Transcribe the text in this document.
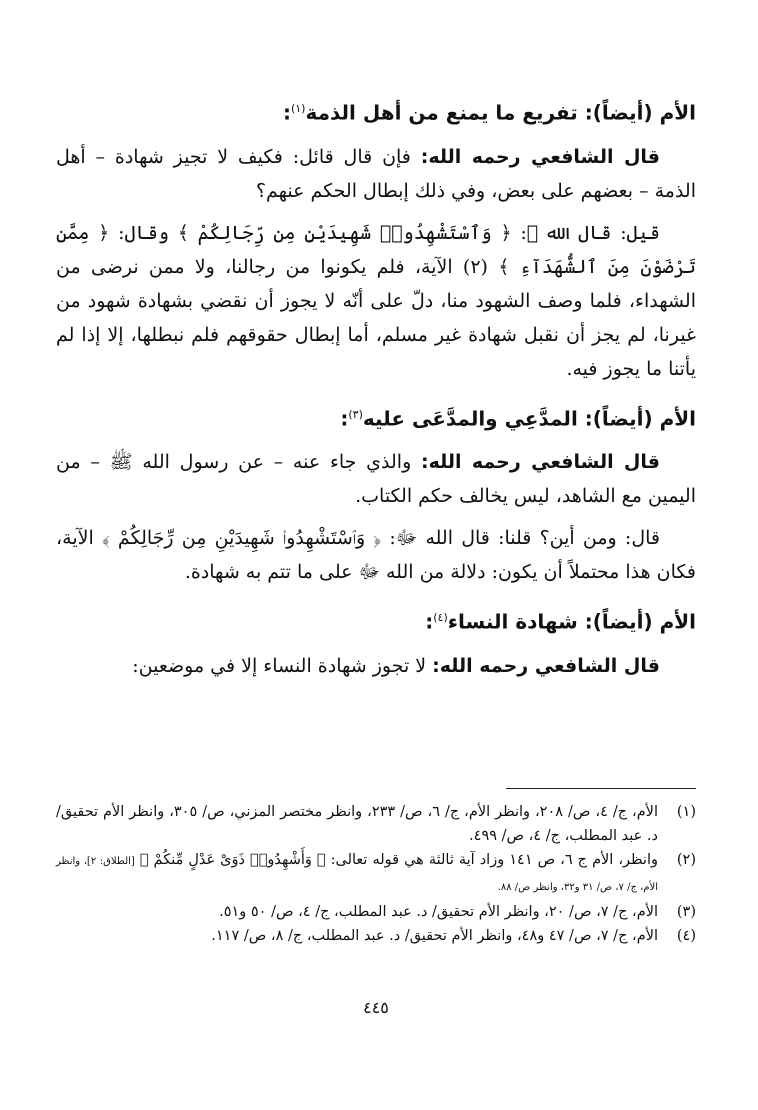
الأم (أيضاً): تفريع ما يمنع من أهل الذمة$^{(١)}$:

قال الشافعي رحمه الله: فإن قال قائل: فكيف لا تجيز شهادة – أهل الذمة – بعضهم على بعض، وفي ذلك إبطال الحكم عنهم؟

قيل: قال الله ﷻ: ﴿ وَٱسْتَشْهِدُوا۟ شَهِيدَيْنِ مِن رِّجَالِكُمْ ﴾ وقال: ﴿ مِمَّن تَرْضَوْنَ مِنَ ٱلشُّهَدَآءِ ﴾ (٢) الآية، فلم يكونوا من رجالنا، ولا ممن نرضى من الشهداء، فلما وصف الشهود منا، دلّ على أنّه لا يجوز أن نقضي بشهادة شهود من غيرنا، لم يجز أن نقبل شهادة غير مسلم، أما إبطال حقوقهم فلم نبطلها، إلا إذا لم يأتنا ما يجوز فيه.

الأم (أيضاً): المدَّعِي والمدَّعَى عليه$^{(٣)}$:

قال الشافعي رحمه الله: والذي جاء عنه – عن رسول الله ﷺ – من اليمين مع الشاهد، ليس يخالف حكم الكتاب.

قال: ومن أين؟ قلنا: قال الله ﷻ: ﴿ وَٱسْتَشْهِدُوا۟ شَهِيدَيْنِ مِن رِّجَالِكُمْ ﴾ الآية، فكان هذا محتملاً أن يكون: دلالة من الله ﷻ على ما تتم به شهادة.

الأم (أيضاً): شهادة النساء$^{(٤)}$:

قال الشافعي رحمه الله: لا تجوز شهادة النساء إلا في موضعين:

(١)
الأم، ج/ ٤، ص/ ٢٠٨، وانظر الأم، ج/ ٦، ص/ ٢٣٣، وانظر مختصر المزني، ص/ ٣٠٥، وانظر الأم تحقيق/ د. عبد المطلب، ج/ ٤، ص/ ٤٩٩.
(٢)
وانظر، الأم ج ٦، ص ١٤١ وزاد آية ثالثة هي قوله تعالى: ﴿ وَأَشْهِدُوا۟ ذَوَىْ عَدْلٍ مِّنكُمْ ﴾ [الطلاق: ٢]، وانظر الأم، ج/ ٧، ص/ ٣١ و٣٢، وانظر ص/ ٨٨.
(٣)
الأم، ج/ ٧، ص/ ٢٠، وانظر الأم تحقيق/ د. عبد المطلب، ج/ ٤، ص/ ٥٠ و٥١.
(٤)
الأم، ج/ ٧، ص/ ٤٧ و٤٨، وانظر الأم تحقيق/ د. عبد المطلب، ج/ ٨، ص/ ١١٧.
٤٤٥
